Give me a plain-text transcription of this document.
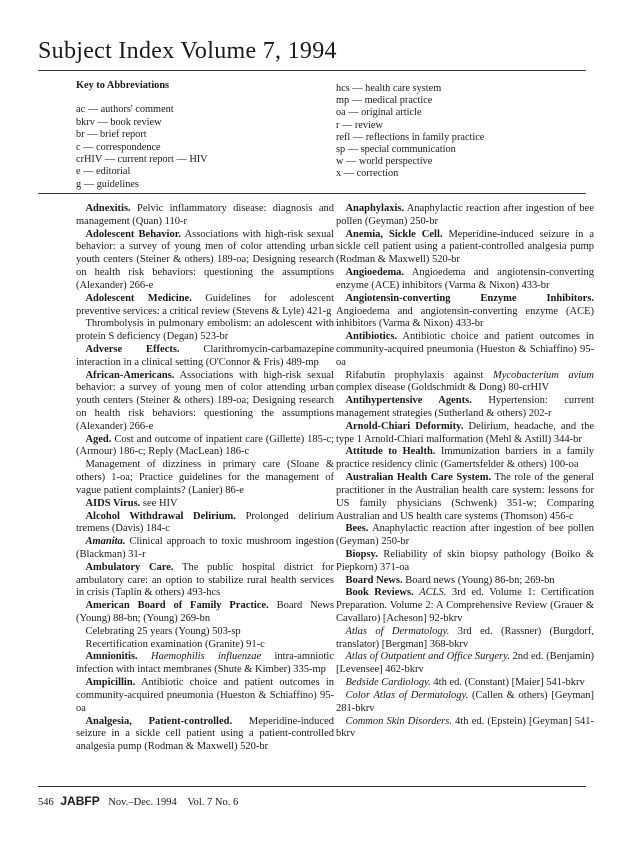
Subject Index Volume 7, 1994
Key to Abbreviations
ac — authors' comment
bkrv — book review
br — brief report
c — correspondence
crHIV — current report — HIV
e — editorial
g — guidelines
hcs — health care system
mp — medical practice
oa — original article
r — review
refl — reflections in family practice
sp — special communication
w — world perspective
x — correction

Adnexitis. Pelvic inflammatory disease: diagnosis and management (Quan) 110-r

Adolescent Behavior. Associations with high-risk sexual behavior: a survey of young men of color attending urban youth centers (Steiner & others) 189-oa; Designing research on health risk behaviors: questioning the assumptions (Alexander) 266-e

Adolescent Medicine. Guidelines for adolescent preventive services: a critical review (Stevens & Lyle) 421-g

Thrombolysis in pulmonary embolism: an adolescent with protein S deficiency (Degan) 523-br

Adverse Effects. Clarithromycin-carbamazepine interaction in a clinical setting (O'Connor & Fris) 489-mp

African-Americans. Associations with high-risk sexual behavior: a survey of young men of color attending urban youth centers (Steiner & others) 189-oa; Designing research on health risk behaviors: questioning the assumptions (Alexander) 266-e

Aged. Cost and outcome of inpatient care (Gillette) 185-c; (Armour) 186-c; Reply (MacLean) 186-c

Management of dizziness in primary care (Sloane & others) 1-oa; Practice guidelines for the management of vague patient complaints? (Lanier) 86-e

AIDS Virus. see HIV

Alcohol Withdrawal Delirium. Prolonged delirium tremens (Davis) 184-c

Amanita. Clinical approach to toxic mushroom ingestion (Blackman) 31-r

Ambulatory Care. The public hospital district for ambulatory care: an option to stabilize rural health services in crisis (Taplin & others) 493-hcs

American Board of Family Practice. Board News (Young) 88-bn; (Young) 269-bn

Celebrating 25 years (Young) 503-sp

Recertification examination (Granite) 91-c

Amnionitis. Haemophilis influenzae intra-amniotic infection with intact membranes (Shute & Kimber) 335-mp

Ampicillin. Antibiotic choice and patient outcomes in community-acquired pneumonia (Hueston & Schiaffino) 95-oa

Analgesia, Patient-controlled. Meperidine-induced seizure in a sickle cell patient using a patient-controlled analgesia pump (Rodman & Maxwell) 520-br

Anaphylaxis. Anaphylactic reaction after ingestion of bee pollen (Geyman) 250-br

Anemia, Sickle Cell. Meperidine-induced seizure in a sickle cell patient using a patient-controlled analgesia pump (Rodman & Maxwell) 520-br

Angioedema. Angioedema and angiotensin-converting enzyme (ACE) inhibitors (Varma & Nixon) 433-br

Angiotensin-converting Enzyme Inhibitors. Angioedema and angiotensin-converting enzyme (ACE) inhibitors (Varma & Nixon) 433-br

Antibiotics. Antibiotic choice and patient outcomes in community-acquired pneumonia (Hueston & Schiaffino) 95-oa

Rifabutin prophylaxis against Mycobacterium avium complex disease (Goldschmidt & Dong) 80-crHIV

Antihypertensive Agents. Hypertension: current management strategies (Sutherland & others) 202-r

Arnold-Chiari Deformity. Delirium, headache, and the type 1 Arnold-Chiari malformation (Mehl & Astill) 344-br

Attitude to Health. Immunization barriers in a family practice residency clinic (Gamertsfelder & others) 100-oa

Australian Health Care System. The role of the general practitioner in the Australian health care system: lessons for US family physicians (Schwenk) 351-w; Comparing Australian and US health care systems (Thomson) 456-c

Bees. Anaphylactic reaction after ingestion of bee pollen (Geyman) 250-br

Biopsy. Reliability of skin biopsy pathology (Boiko & Piepkorn) 371-oa

Board News. Board news (Young) 86-bn; 269-bn

Book Reviews. ACLS. 3rd ed. Volume 1: Certification Preparation. Volume 2: A Comprehensive Review (Grauer & Cavallaro) [Acheson] 92-bkrv

Atlas of Dermatology. 3rd ed. (Rassner) (Burgdorf, translator) [Bergman] 368-bkrv

Atlas of Outpatient and Office Surgery. 2nd ed. (Benjamin) [Levensee] 462-bkrv

Bedside Cardiology. 4th ed. (Constant) [Maier] 541-bkrv

Color Atlas of Dermatology. (Callen & others) [Geyman] 281-bkrv

Common Skin Disorders. 4th ed. (Epstein) [Geyman] 541-bkrv

546 JABFP Nov.–Dec. 1994 Vol. 7 No. 6
